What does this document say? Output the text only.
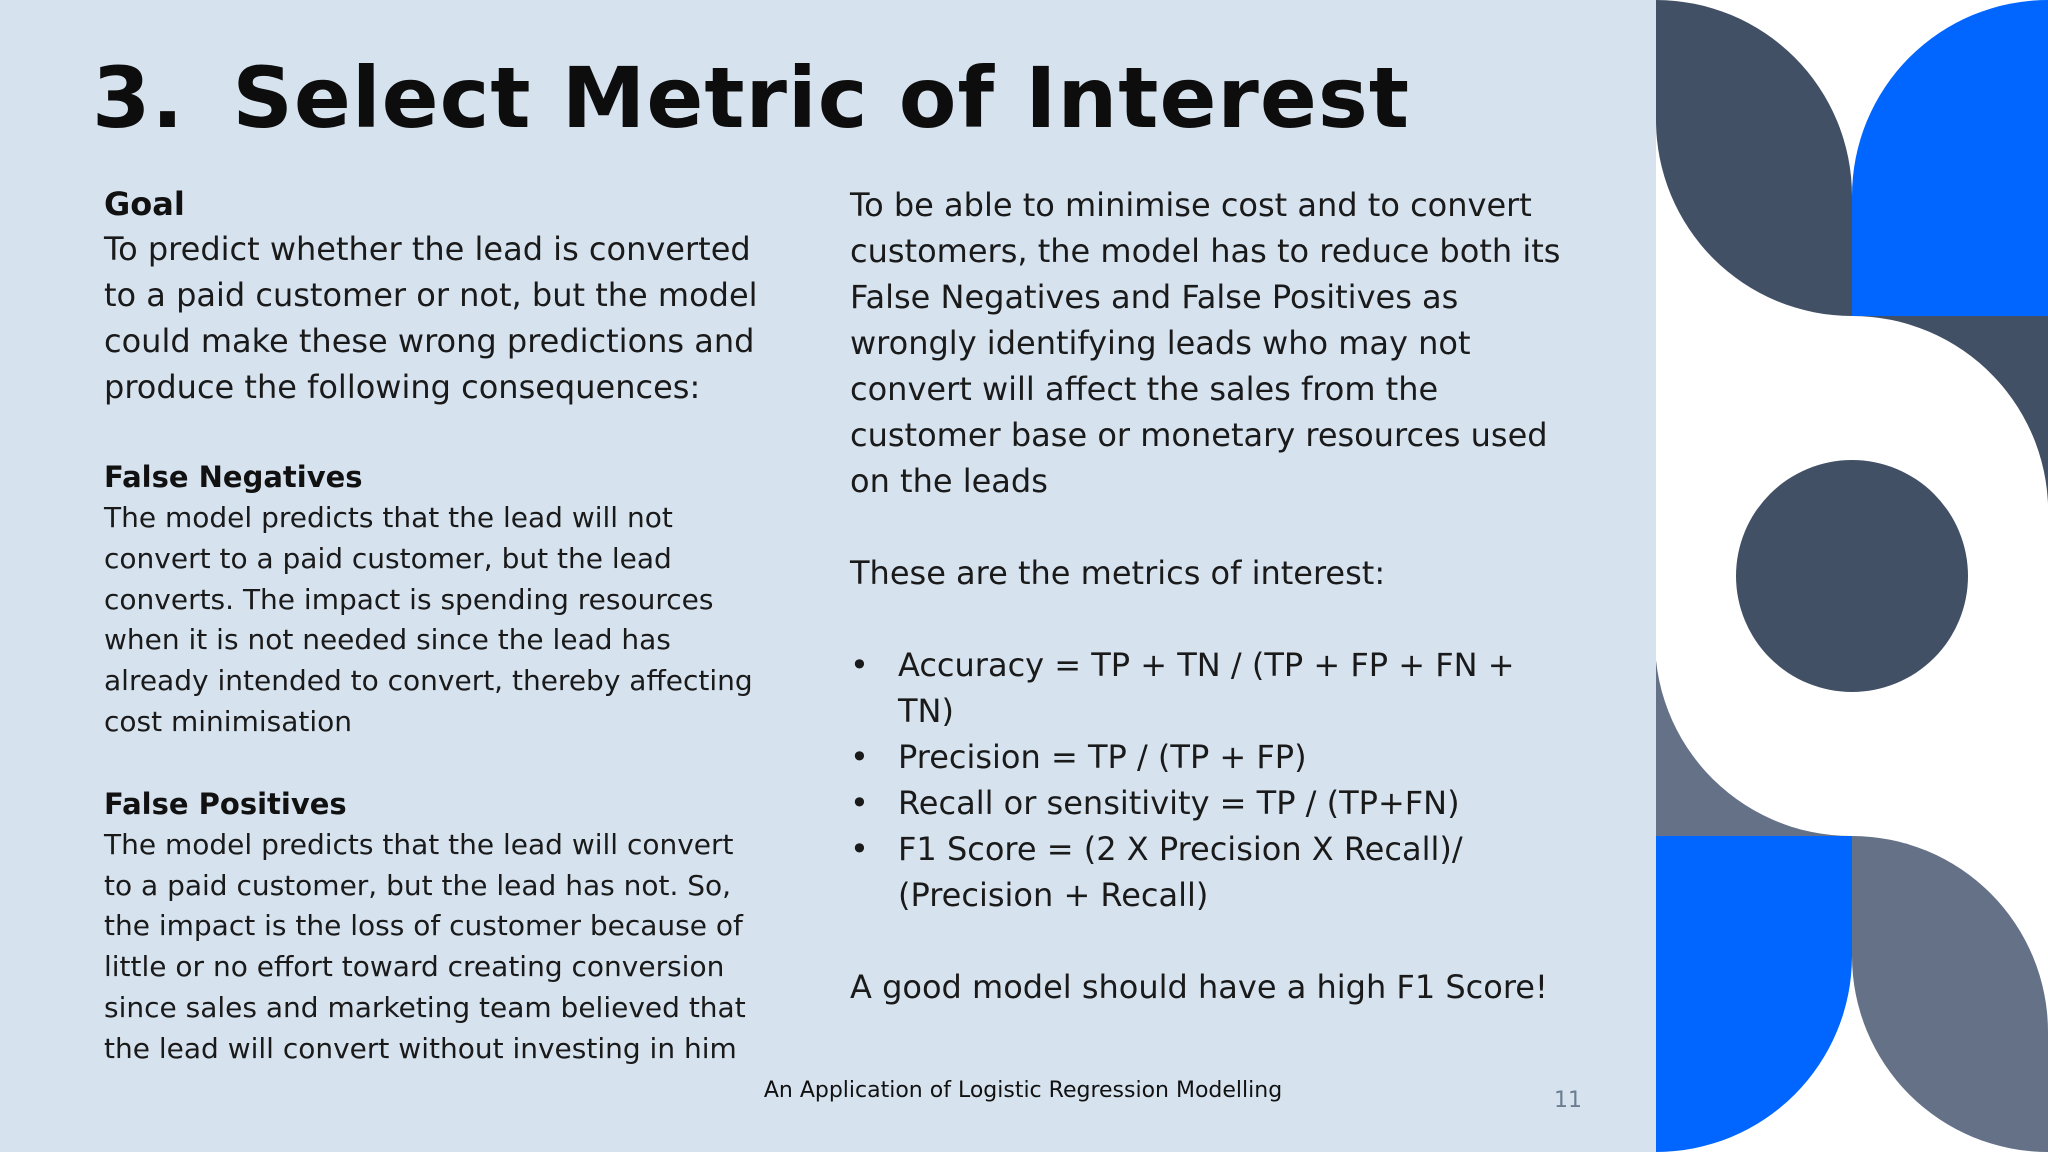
3. Select Metric of Interest

Goal

To predict whether the lead is converted
to a paid customer or not, but the model
could make these wrong predictions and
produce the following consequences:

False Negatives

The model predicts that the lead will not
convert to a paid customer, but the lead
converts. The impact is spending resources
when it is not needed since the lead has
already intended to convert, thereby affecting
cost minimisation

False Positives

The model predicts that the lead will convert
to a paid customer, but the lead has not. So,
the impact is the loss of customer because of
little or no effort toward creating conversion
since sales and marketing team believed that
the lead will convert without investing in him

To be able to minimise cost and to convert
customers, the model has to reduce both its
False Negatives and False Positives as
wrongly identifying leads who may not
convert will affect the sales from the
customer base or monetary resources used
on the leads

These are the metrics of interest:

• Accuracy = TP + TN / (TP + FP + FN +
TN)
• Precision = TP / (TP + FP)
• Recall or sensitivity = TP / (TP+FN)
• F1 Score = (2 X Precision X Recall)/
(Precision + Recall)

A good model should have a high F1 Score!

An Application of Logistic Regression Modelling	11
